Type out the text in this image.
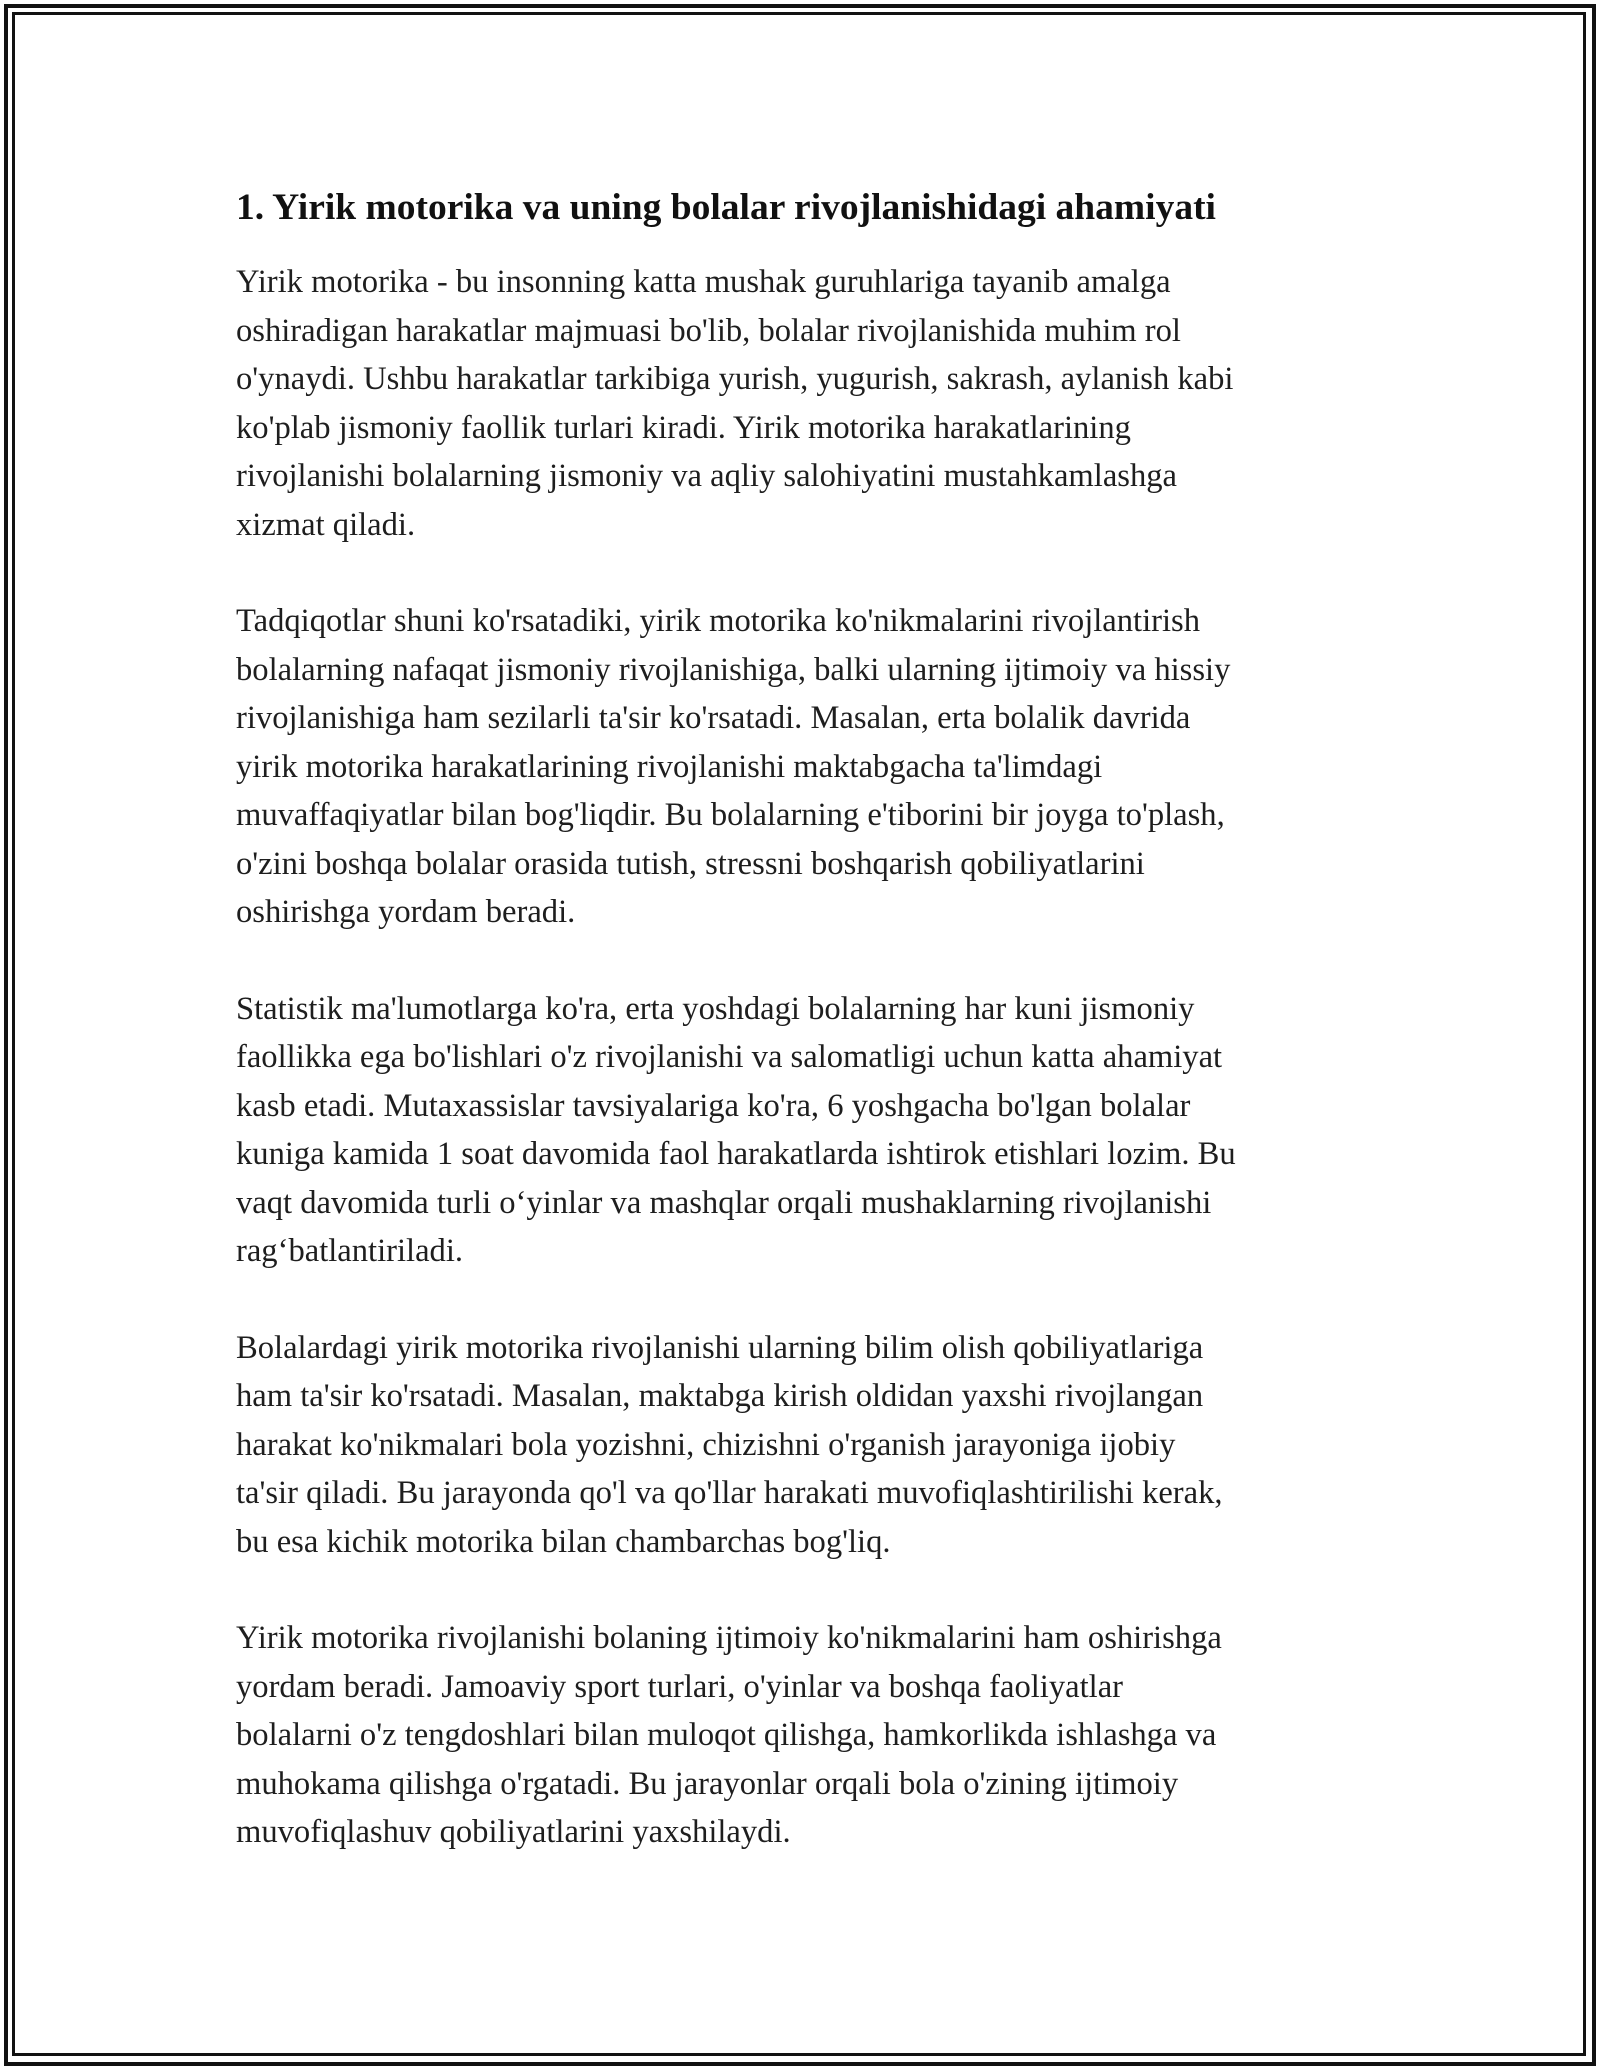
1. Yirik motorika va uning bolalar rivojlanishidagi ahamiyati

Yirik motorika - bu insonning katta mushak guruhlariga tayanib amalga
oshiradigan harakatlar majmuasi bo'lib, bolalar rivojlanishida muhim rol
o'ynaydi. Ushbu harakatlar tarkibiga yurish, yugurish, sakrash, aylanish kabi
ko'plab jismoniy faollik turlari kiradi. Yirik motorika harakatlarining
rivojlanishi bolalarning jismoniy va aqliy salohiyatini mustahkamlashga
xizmat qiladi.

Tadqiqotlar shuni ko'rsatadiki, yirik motorika ko'nikmalarini rivojlantirish
bolalarning nafaqat jismoniy rivojlanishiga, balki ularning ijtimoiy va hissiy
rivojlanishiga ham sezilarli ta'sir ko'rsatadi. Masalan, erta bolalik davrida
yirik motorika harakatlarining rivojlanishi maktabgacha ta'limdagi
muvaffaqiyatlar bilan bog'liqdir. Bu bolalarning e'tiborini bir joyga to'plash,
o'zini boshqa bolalar orasida tutish, stressni boshqarish qobiliyatlarini
oshirishga yordam beradi.

Statistik ma'lumotlarga ko'ra, erta yoshdagi bolalarning har kuni jismoniy
faollikka ega bo'lishlari o'z rivojlanishi va salomatligi uchun katta ahamiyat
kasb etadi. Mutaxassislar tavsiyalariga ko'ra, 6 yoshgacha bo'lgan bolalar
kuniga kamida 1 soat davomida faol harakatlarda ishtirok etishlari lozim. Bu
vaqt davomida turli o‘yinlar va mashqlar orqali mushaklarning rivojlanishi
rag‘batlantiriladi.

Bolalardagi yirik motorika rivojlanishi ularning bilim olish qobiliyatlariga
ham ta'sir ko'rsatadi. Masalan, maktabga kirish oldidan yaxshi rivojlangan
harakat ko'nikmalari bola yozishni, chizishni o'rganish jarayoniga ijobiy
ta'sir qiladi. Bu jarayonda qo'l va qo'llar harakati muvofiqlashtirilishi kerak,
bu esa kichik motorika bilan chambarchas bog'liq.

Yirik motorika rivojlanishi bolaning ijtimoiy ko'nikmalarini ham oshirishga
yordam beradi. Jamoaviy sport turlari, o'yinlar va boshqa faoliyatlar
bolalarni o'z tengdoshlari bilan muloqot qilishga, hamkorlikda ishlashga va
muhokama qilishga o'rgatadi. Bu jarayonlar orqali bola o'zining ijtimoiy
muvofiqlashuv qobiliyatlarini yaxshilaydi.
